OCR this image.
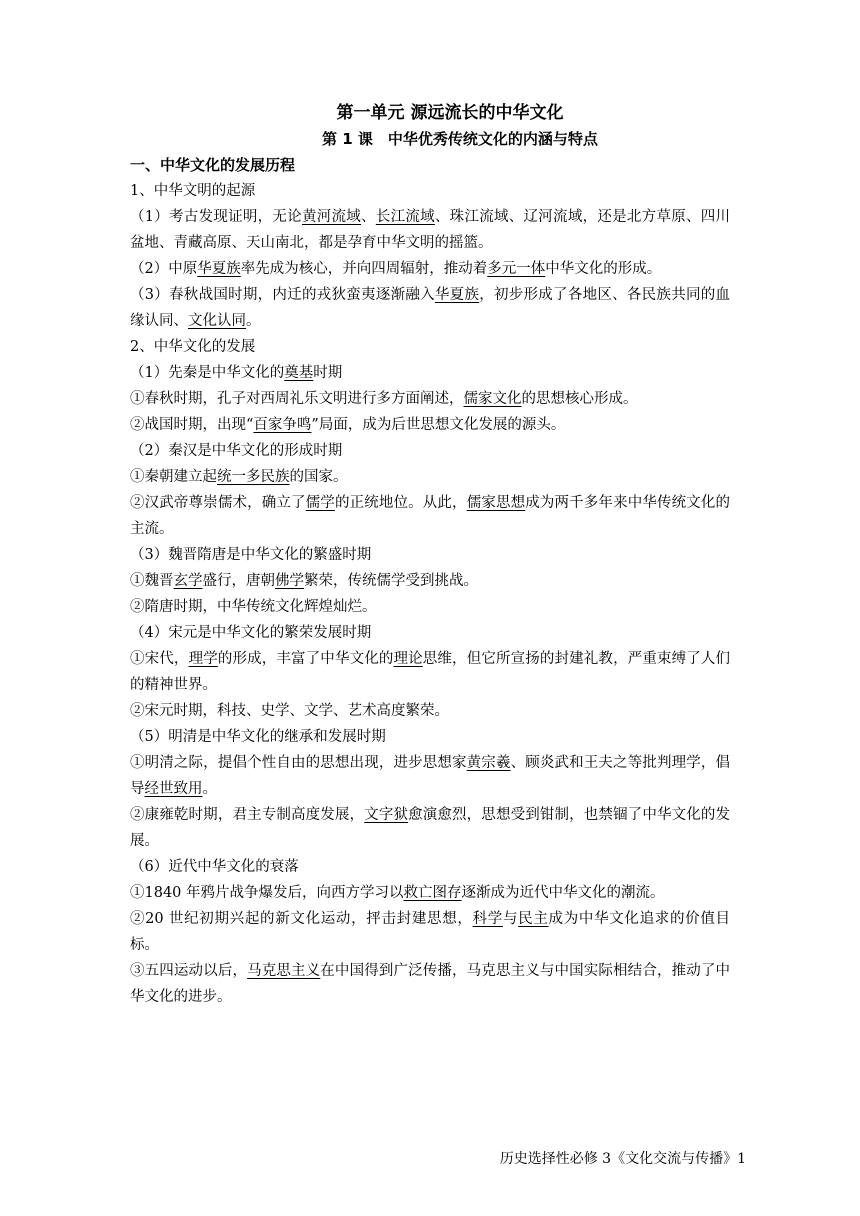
第一单元 源远流长的中华文化
第 1 课　中华优秀传统文化的内涵与特点
一、中华文化的发展历程
1、中华文明的起源
（1）考古发现证明，无论黄河流域、长江流域、珠江流域、辽河流域，还是北方草原、四川盆地、青藏高原、天山南北，都是孕育中华文明的摇篮。
（2）中原华夏族率先成为核心，并向四周辐射，推动着多元一体中华文化的形成。
（3）春秋战国时期，内迁的戎狄蛮夷逐渐融入华夏族，初步形成了各地区、各民族共同的血缘认同、文化认同。
2、中华文化的发展
（1）先秦是中华文化的奠基时期
①春秋时期，孔子对西周礼乐文明进行多方面阐述，儒家文化的思想核心形成。
②战国时期，出现“百家争鸣”局面，成为后世思想文化发展的源头。
（2）秦汉是中华文化的形成时期
①秦朝建立起统一多民族的国家。
②汉武帝尊崇儒术，确立了儒学的正统地位。从此，儒家思想成为两千多年来中华传统文化的主流。
（3）魏晋隋唐是中华文化的繁盛时期
①魏晋玄学盛行，唐朝佛学繁荣，传统儒学受到挑战。
②隋唐时期，中华传统文化辉煌灿烂。
（4）宋元是中华文化的繁荣发展时期
①宋代，理学的形成，丰富了中华文化的理论思维，但它所宣扬的封建礼教，严重束缚了人们的精神世界。
②宋元时期，科技、史学、文学、艺术高度繁荣。
（5）明清是中华文化的继承和发展时期
①明清之际，提倡个性自由的思想出现，进步思想家黄宗羲、顾炎武和王夫之等批判理学，倡导经世致用。
②康雍乾时期，君主专制高度发展，文字狱愈演愈烈，思想受到钳制，也禁锢了中华文化的发展。
（6）近代中华文化的衰落
①1840 年鸦片战争爆发后，向西方学习以救亡图存逐渐成为近代中华文化的潮流。
②20 世纪初期兴起的新文化运动，抨击封建思想，科学与民主成为中华文化追求的价值目标。
③五四运动以后，马克思主义在中国得到广泛传播，马克思主义与中国实际相结合，推动了中华文化的进步。
历史选择性必修 3《文化交流与传播》1
